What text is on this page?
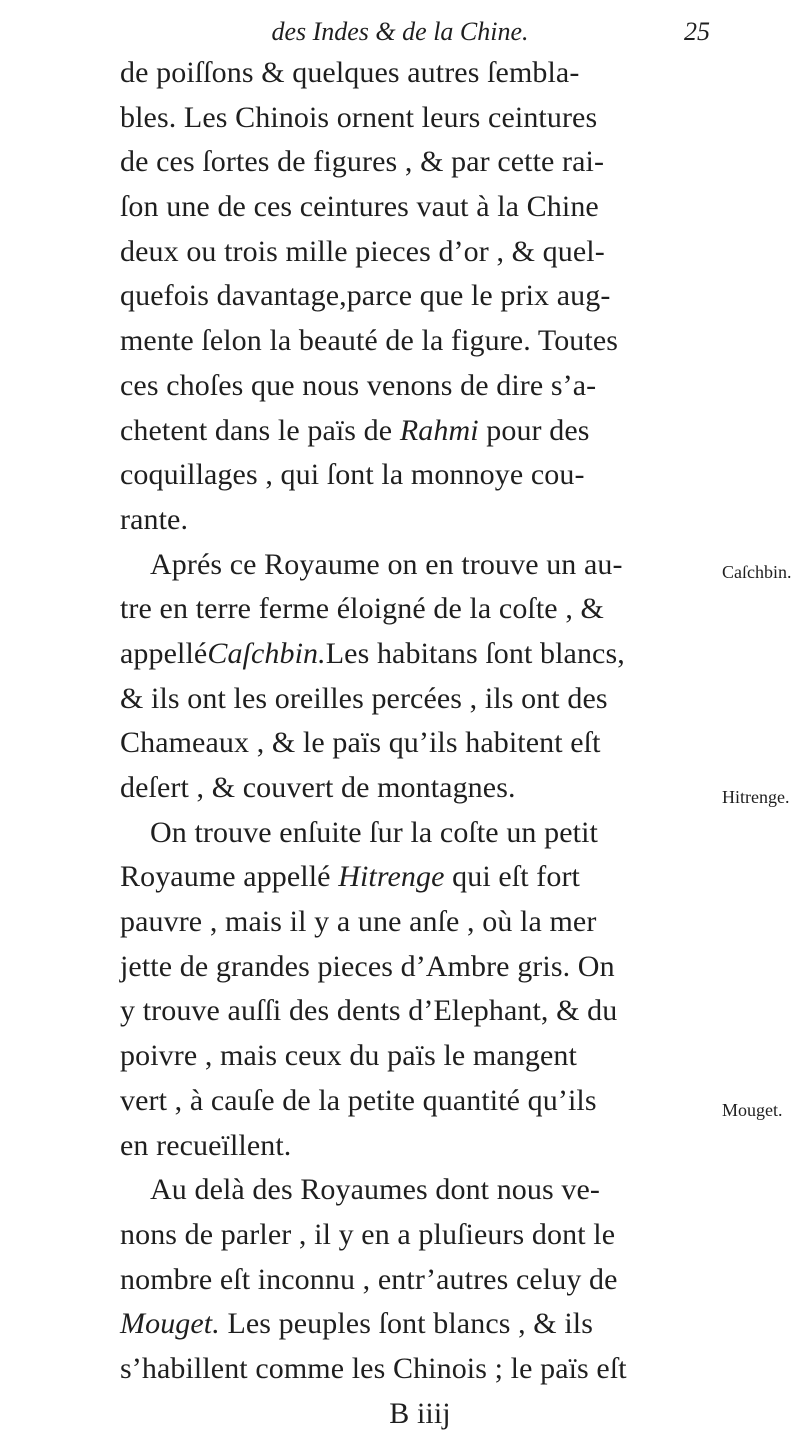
des Indes & de la Chine.	25
de poiſſons & quelques autres ſembla-
bles. Les Chinois ornent leurs ceintures
de ces ſortes de figures , & par cette rai-
ſon une de ces ceintures vaut à la Chine
deux ou trois mille pieces d’or , & quel-
quefois davantage,parce que le prix aug-
mente ſelon la beauté de la figure. Toutes
ces choſes que nous venons de dire s’a-
chetent dans le païs de Rahmi pour des
coquillages , qui ſont la monnoye cou-
rante.
Aprés ce Royaume on en trouve un au-
tre en terre ferme éloigné de la coſte , &
appelléCaſchbin.Les habitans ſont blancs,
& ils ont les oreilles percées , ils ont des
Chameaux , & le païs qu’ils habitent eſt
deſert , & couvert de montagnes.
On trouve enſuite ſur la coſte un petit
Royaume appellé Hitrenge qui eſt fort
pauvre , mais il y a une anſe , où la mer
jette de grandes pieces d’Ambre gris. On
y trouve auſſi des dents d’Elephant, & du
poivre , mais ceux du païs le mangent
vert , à cauſe de la petite quantité qu’ils
en recueïllent.
Au delà des Royaumes dont nous ve-
nons de parler , il y en a pluſieurs dont le
nombre eſt inconnu , entr’autres celuy de
Mouget. Les peuples ſont blancs , & ils
s’habillent comme les Chinois ; le païs eſt
B iiij
Caſchbin.
Hitrenge.
Mouget.
